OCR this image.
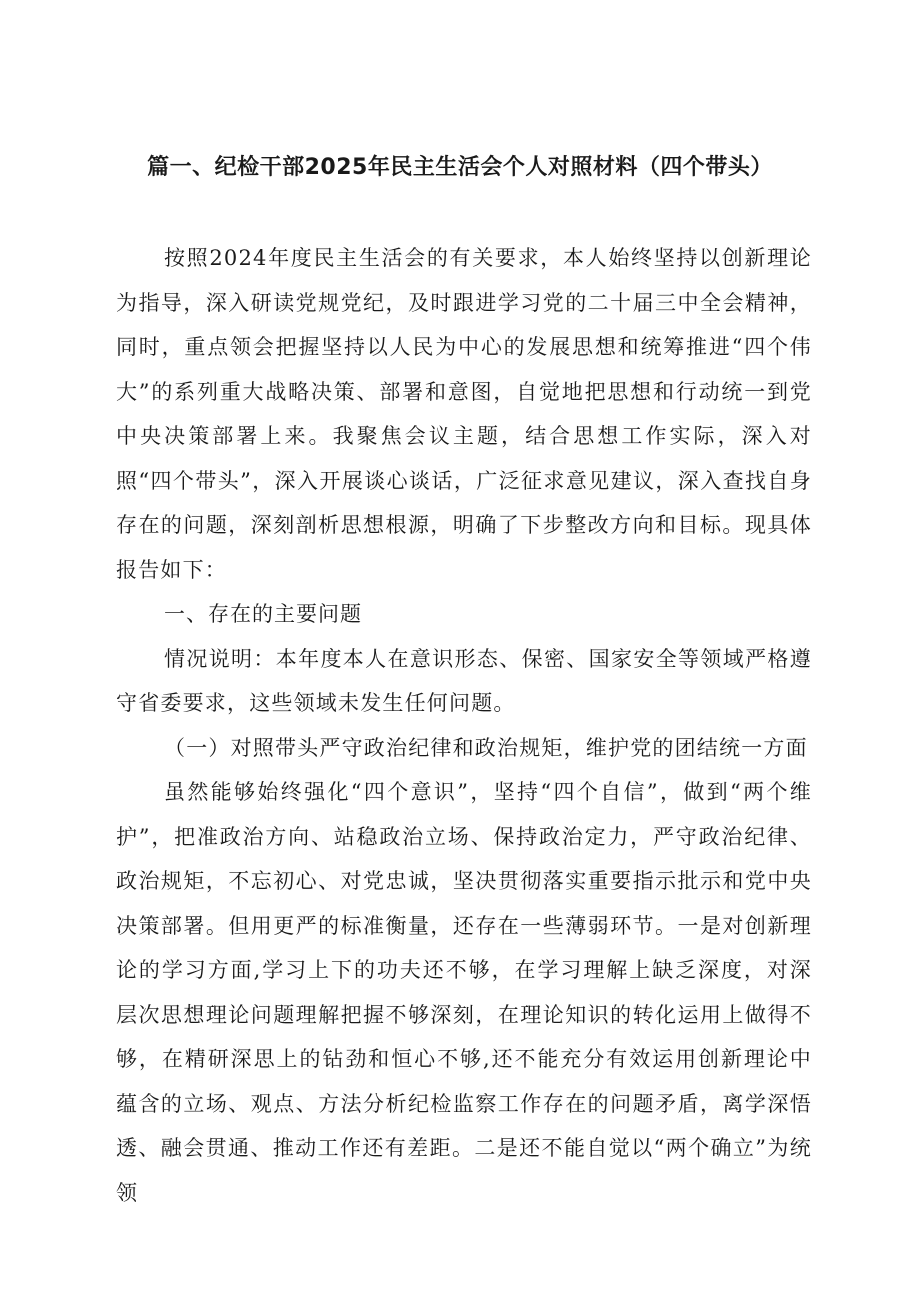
篇一、纪检干部2025年民主生活会个人对照材料（四个带头）

按照2024年度民主生活会的有关要求，本人始终坚持以创新理论为指导，深入研读党规党纪，及时跟进学习党的二十届三中全会精神，同时，重点领会把握坚持以人民为中心的发展思想和统筹推进“四个伟大”的系列重大战略决策、部署和意图，自觉地把思想和行动统一到党中央决策部署上来。我聚焦会议主题，结合思想工作实际，深入对照“四个带头”，深入开展谈心谈话，广泛征求意见建议，深入查找自身存在的问题，深刻剖析思想根源，明确了下步整改方向和目标。现具体报告如下：

一、存在的主要问题

情况说明：本年度本人在意识形态、保密、国家安全等领域严格遵守省委要求，这些领域未发生任何问题。

（一）对照带头严守政治纪律和政治规矩，维护党的团结统一方面

虽然能够始终强化“四个意识”，坚持“四个自信”，做到“两个维护”，把准政治方向、站稳政治立场、保持政治定力，严守政治纪律、政治规矩，不忘初心、对党忠诚，坚决贯彻落实重要指示批示和党中央决策部署。但用更严的标准衡量，还存在一些薄弱环节。一是对创新理论的学习方面,学习上下的功夫还不够，在学习理解上缺乏深度，对深层次思想理论问题理解把握不够深刻，在理论知识的转化运用上做得不够，在精研深思上的钻劲和恒心不够,还不能充分有效运用创新理论中蕴含的立场、观点、方法分析纪检监察工作存在的问题矛盾，离学深悟透、融会贯通、推动工作还有差距。二是还不能自觉以“两个确立”为统领
